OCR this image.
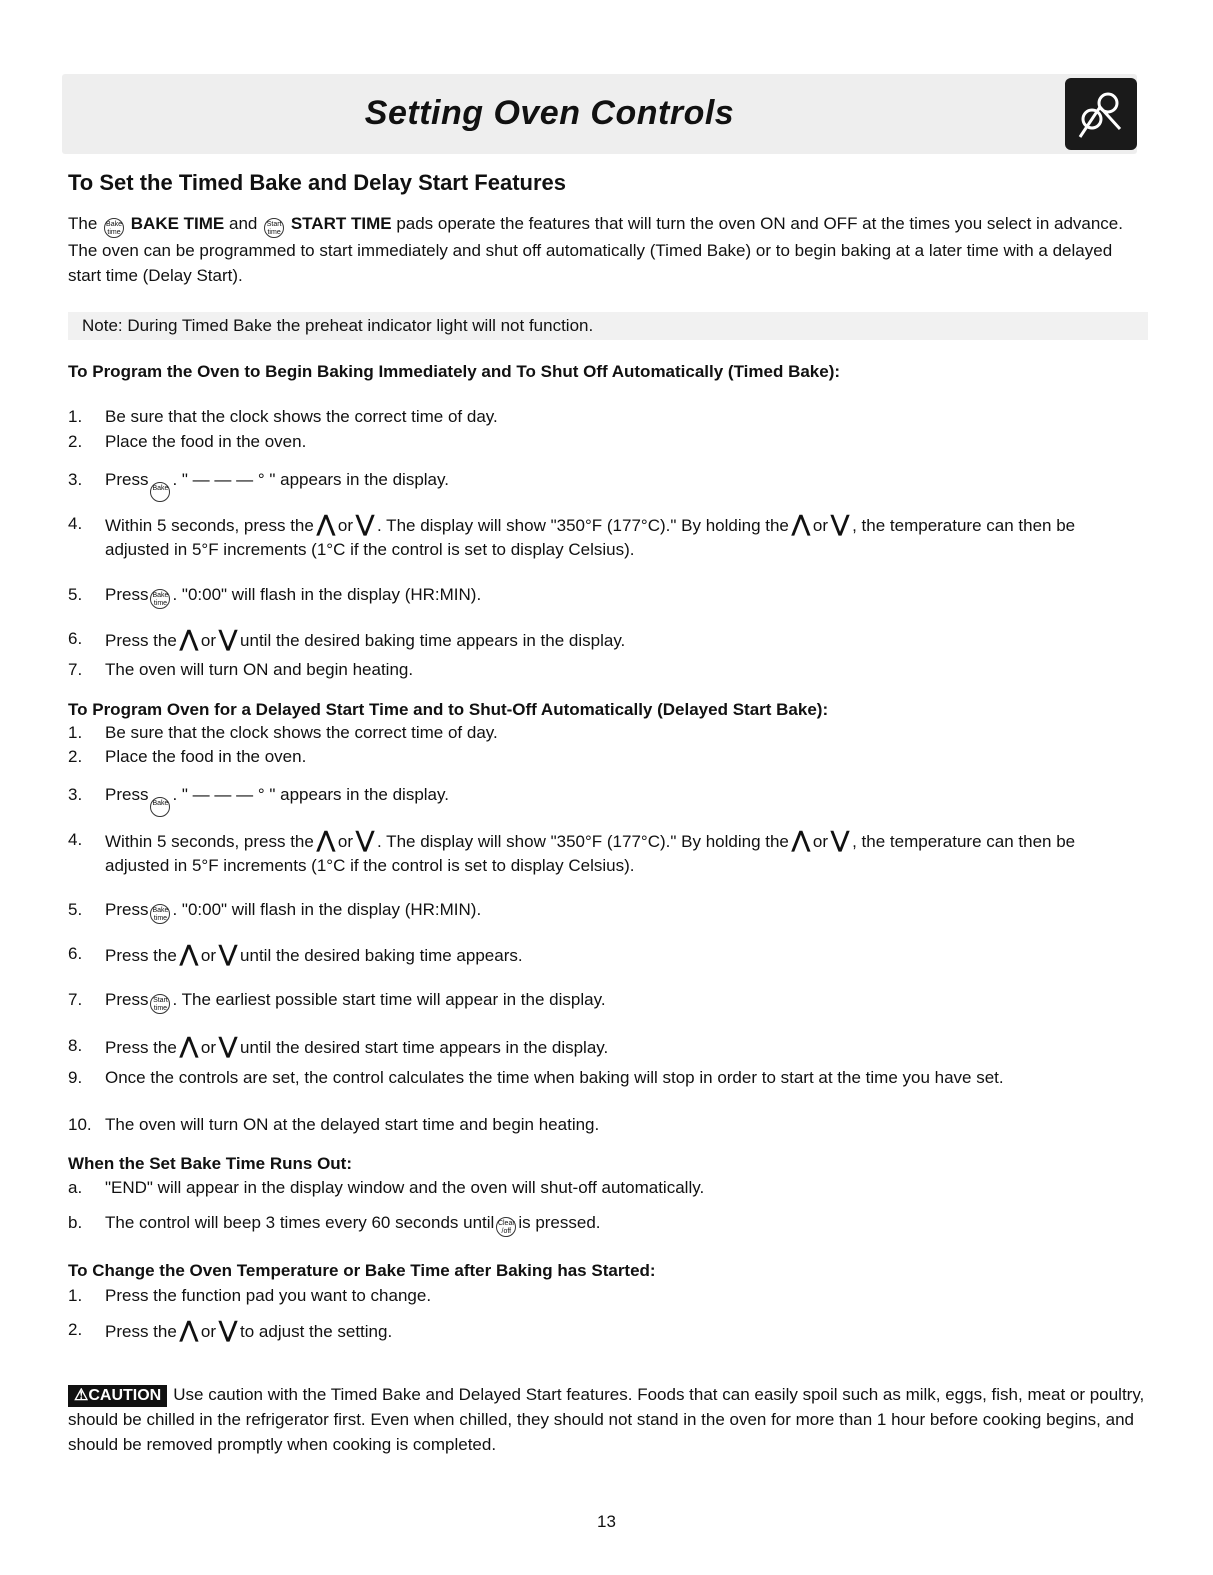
Setting Oven Controls
To Set the Timed Bake and Delay Start Features
The Bake time BAKE TIME and Start time START TIME pads operate the features that will turn the oven ON and OFF at the times you select in advance. The oven can be programmed to start immediately and shut off automatically (Timed Bake) or to begin baking at a later time with a delayed start time (Delay Start).
Note: During Timed Bake the preheat indicator light will not function.
To Program the Oven to Begin Baking Immediately and To Shut Off Automatically (Timed Bake):
1.	Be sure that the clock shows the correct time of day.
2.	Place the food in the oven.
3.	Press Bake . " — — — ° " appears in the display.
4.	Within 5 seconds, press the ⋀ or ⋁ . The display will show "350°F (177°C)." By holding the ⋀ or ⋁ , the temperature can then be adjusted in 5°F increments (1°C if the control is set to display Celsius).
5.	Press Bake time . "0:00" will flash in the display (HR:MIN).
6.	Press the ⋀ or ⋁ until the desired baking time appears in the display.
7.	The oven will turn ON and begin heating.
To Program Oven for a Delayed Start Time and to Shut-Off Automatically (Delayed Start Bake):
1.	Be sure that the clock shows the correct time of day.
2.	Place the food in the oven.
3.	Press Bake . " — — — ° " appears in the display.
4.	Within 5 seconds, press the ⋀ or ⋁ . The display will show "350°F (177°C)." By holding the ⋀ or ⋁ , the temperature can then be adjusted in 5°F increments (1°C if the control is set to display Celsius).
5.	Press Bake time . "0:00" will flash in the display (HR:MIN).
6.	Press the ⋀ or ⋁ until the desired baking time appears.
7.	Press Start time . The earliest possible start time will appear in the display.
8.	Press the ⋀ or ⋁ until the desired start time appears in the display.
9.	Once the controls are set, the control calculates the time when baking will stop in order to start at the time you have set.
10. The oven will turn ON at the delayed start time and begin heating.
When the Set Bake Time Runs Out:
a.	"END" will appear in the display window and the oven will shut-off automatically.
b.	The control will beep 3 times every 60 seconds until Clear /off is pressed.
To Change the Oven Temperature or Bake Time after Baking has Started:
1.	Press the function pad you want to change.
2.	Press the ⋀ or ⋁ to adjust the setting.
⚠CAUTION Use caution with the Timed Bake and Delayed Start features. Foods that can easily spoil such as milk, eggs, fish, meat or poultry, should be chilled in the refrigerator first. Even when chilled, they should not stand in the oven for more than 1 hour before cooking begins, and should be removed promptly when cooking is completed.
13
